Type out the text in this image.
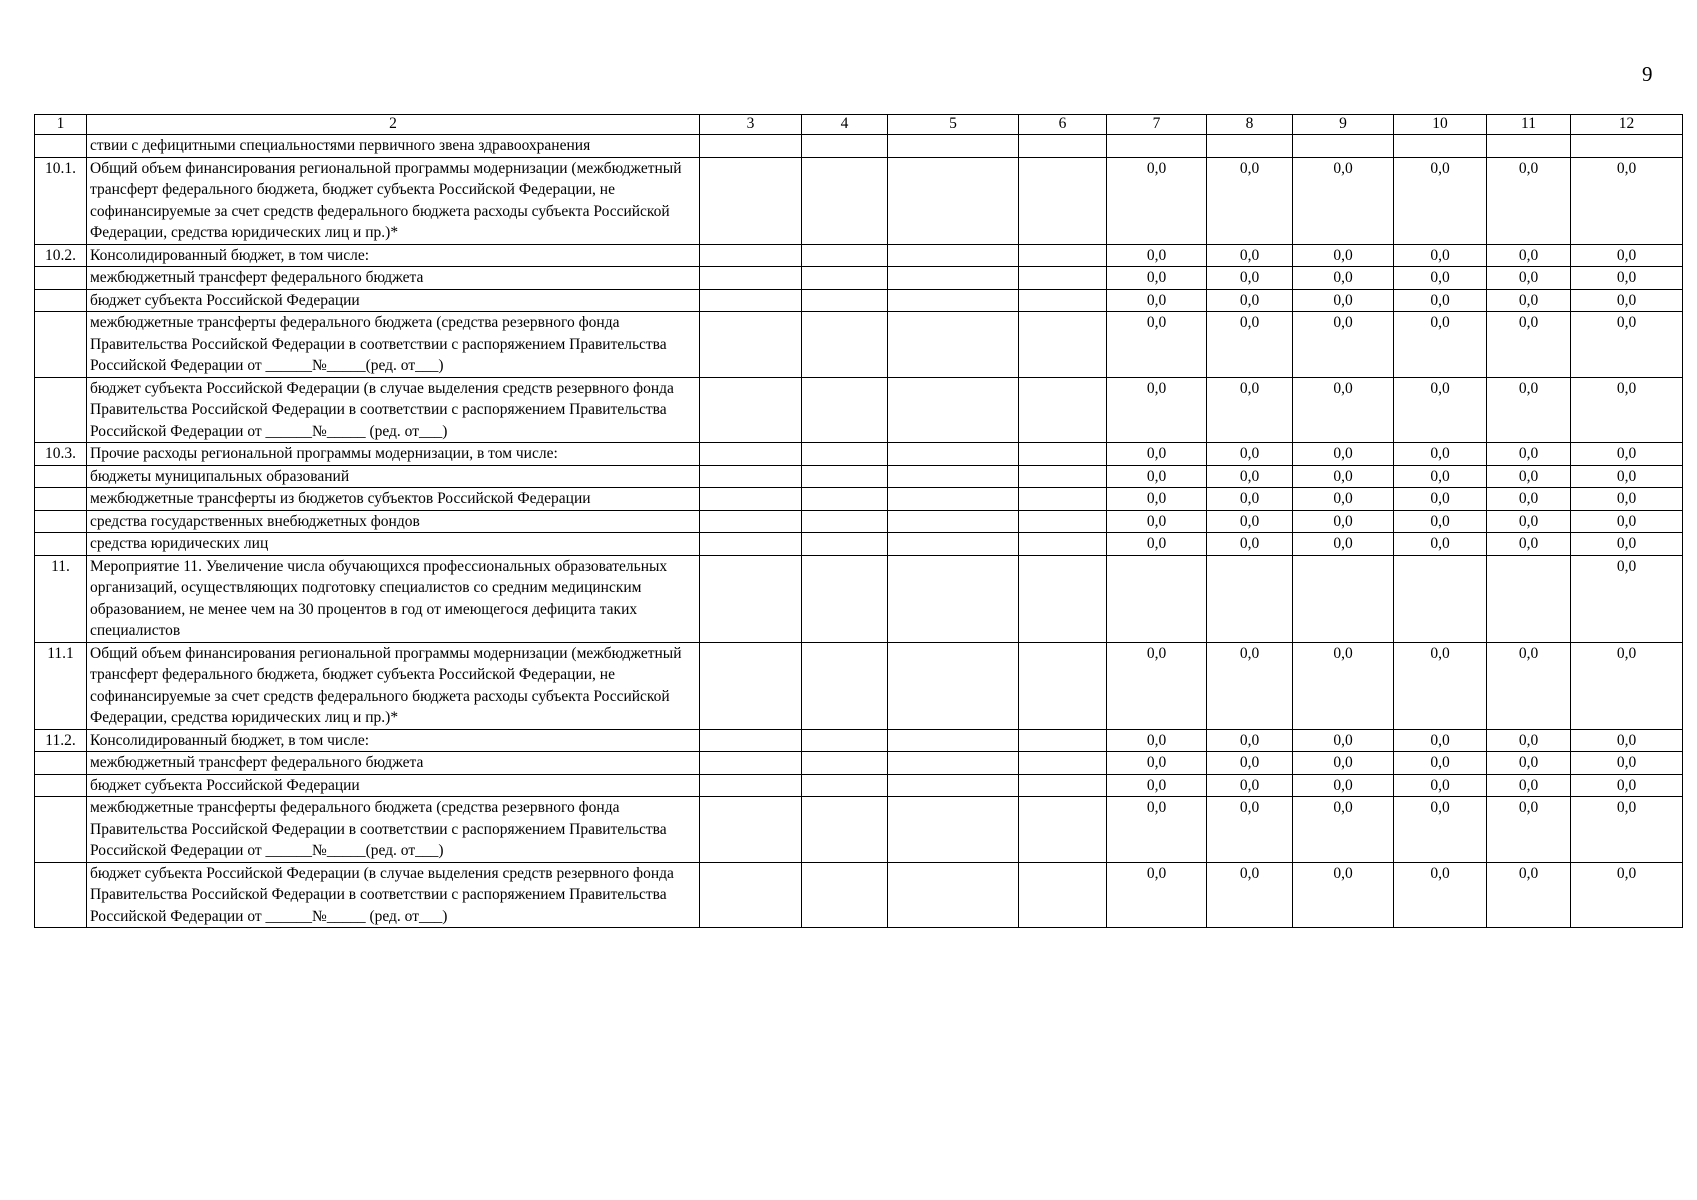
9
1	2	3	4	5	6	7	8	9	10	11	12
	ствии с дефицитными специальностями первичного звена здравоохранения										
10.1.	Общий объем финансирования региональной программы модернизации (межбюджетный трансферт федерального бюджета, бюджет субъекта Российской Федерации, не софинансируемые за счет средств федерального бюджета расходы субъекта Российской Федерации, средства юридических лиц и пр.)*					0,0	0,0	0,0	0,0	0,0	0,0
10.2.	Консолидированный бюджет, в том числе:					0,0	0,0	0,0	0,0	0,0	0,0
	межбюджетный трансферт федерального бюджета					0,0	0,0	0,0	0,0	0,0	0,0
	бюджет субъекта Российской Федерации					0,0	0,0	0,0	0,0	0,0	0,0
	межбюджетные трансферты федерального бюджета (средства резервного фонда Правительства Российской Федерации в соответствии с распоряжением Правительства Российской Федерации от ______№_____(ред. от___)					0,0	0,0	0,0	0,0	0,0	0,0
	бюджет субъекта Российской Федерации (в случае выделения средств резервного фонда Правительства Российской Федерации в соответствии с распоряжением Правительства Российской Федерации от ______№_____ (ред. от___)					0,0	0,0	0,0	0,0	0,0	0,0
10.3.	Прочие расходы региональной программы модернизации, в том числе:					0,0	0,0	0,0	0,0	0,0	0,0
	бюджеты муниципальных образований					0,0	0,0	0,0	0,0	0,0	0,0
	межбюджетные трансферты из бюджетов субъектов Российской Федерации					0,0	0,0	0,0	0,0	0,0	0,0
	средства государственных внебюджетных фондов					0,0	0,0	0,0	0,0	0,0	0,0
	средства юридических лиц					0,0	0,0	0,0	0,0	0,0	0,0
11.	Мероприятие 11. Увеличение числа обучающихся профессиональных образовательных организаций, осуществляющих подготовку специалистов со средним медицинским образованием, не менее чем на 30 процентов в год от имеющегося дефицита таких специалистов										0,0
11.1	Общий объем финансирования региональной программы модернизации (межбюджетный трансферт федерального бюджета, бюджет субъекта Российской Федерации, не софинансируемые за счет средств федерального бюджета расходы субъекта Российской Федерации, средства юридических лиц и пр.)*					0,0	0,0	0,0	0,0	0,0	0,0
11.2.	Консолидированный бюджет, в том числе:					0,0	0,0	0,0	0,0	0,0	0,0
	межбюджетный трансферт федерального бюджета					0,0	0,0	0,0	0,0	0,0	0,0
	бюджет субъекта Российской Федерации					0,0	0,0	0,0	0,0	0,0	0,0
	межбюджетные трансферты федерального бюджета (средства резервного фонда Правительства Российской Федерации в соответствии с распоряжением Правительства Российской Федерации от ______№_____(ред. от___)					0,0	0,0	0,0	0,0	0,0	0,0
	бюджет субъекта Российской Федерации (в случае выделения средств резервного фонда Правительства Российской Федерации в соответствии с распоряжением Правительства Российской Федерации от ______№_____ (ред. от___)					0,0	0,0	0,0	0,0	0,0	0,0
